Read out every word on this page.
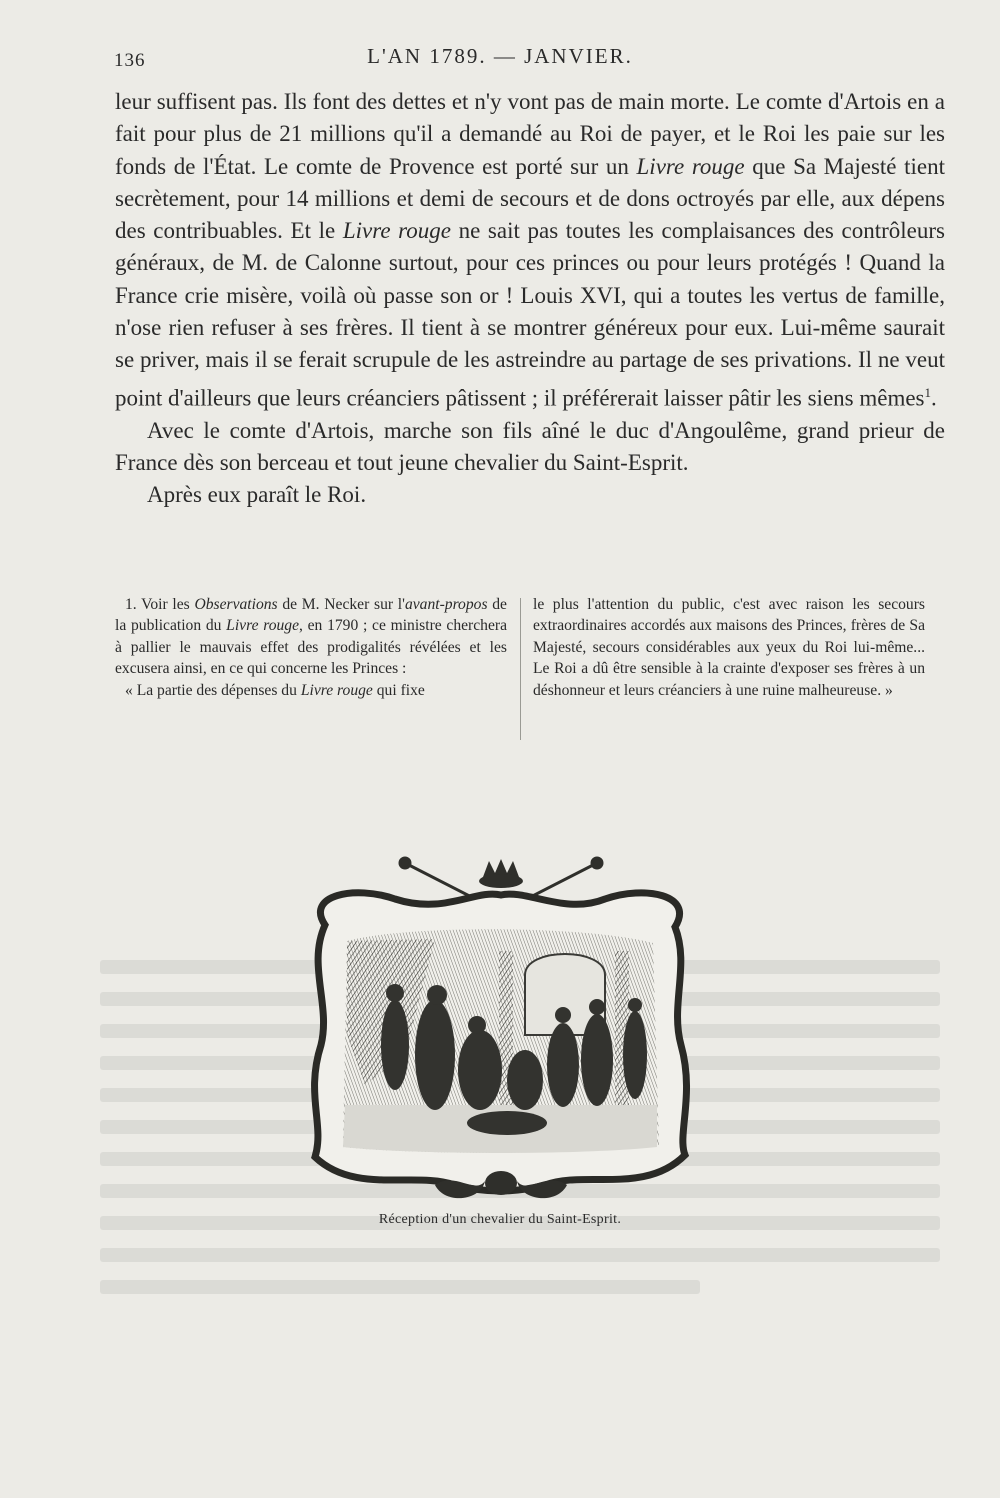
136	L'AN 1789. — JANVIER.

leur suffisent pas. Ils font des dettes et n'y vont pas de main morte. Le comte d'Artois en a fait pour plus de 21 millions qu'il a demandé au Roi de payer, et le Roi les paie sur les fonds de l'État. Le comte de Provence est porté sur un Livre rouge que Sa Majesté tient secrètement, pour 14 millions et demi de secours et de dons octroyés par elle, aux dépens des contribuables. Et le Livre rouge ne sait pas toutes les complaisances des contrôleurs généraux, de M. de Calonne surtout, pour ces princes ou pour leurs protégés ! Quand la France crie misère, voilà où passe son or ! Louis XVI, qui a toutes les vertus de famille, n'ose rien refuser à ses frères. Il tient à se montrer généreux pour eux. Lui-même saurait se priver, mais il se ferait scrupule de les astreindre au partage de ses privations. Il ne veut point d'ailleurs que leurs créanciers pâtissent ; il préférerait laisser pâtir les siens mêmes$^1$.

Avec le comte d'Artois, marche son fils aîné le duc d'Angoulême, grand prieur de France dès son berceau et tout jeune chevalier du Saint-Esprit.

Après eux paraît le Roi.

1. Voir les Observations de M. Necker sur l'avant-propos de la publication du Livre rouge, en 1790 ; ce ministre cherchera à pallier le mauvais effet des prodigalités révélées et les excusera ainsi, en ce qui concerne les Princes :

« La partie des dépenses du Livre rouge qui fixe

le plus l'attention du public, c'est avec raison les secours extraordinaires accordés aux maisons des Princes, frères de Sa Majesté, secours considérables aux yeux du Roi lui-même... Le Roi a dû être sensible à la crainte d'exposer ses frères à un déshonneur et leurs créanciers à une ruine malheureuse. »

Réception d'un chevalier du Saint-Esprit.
